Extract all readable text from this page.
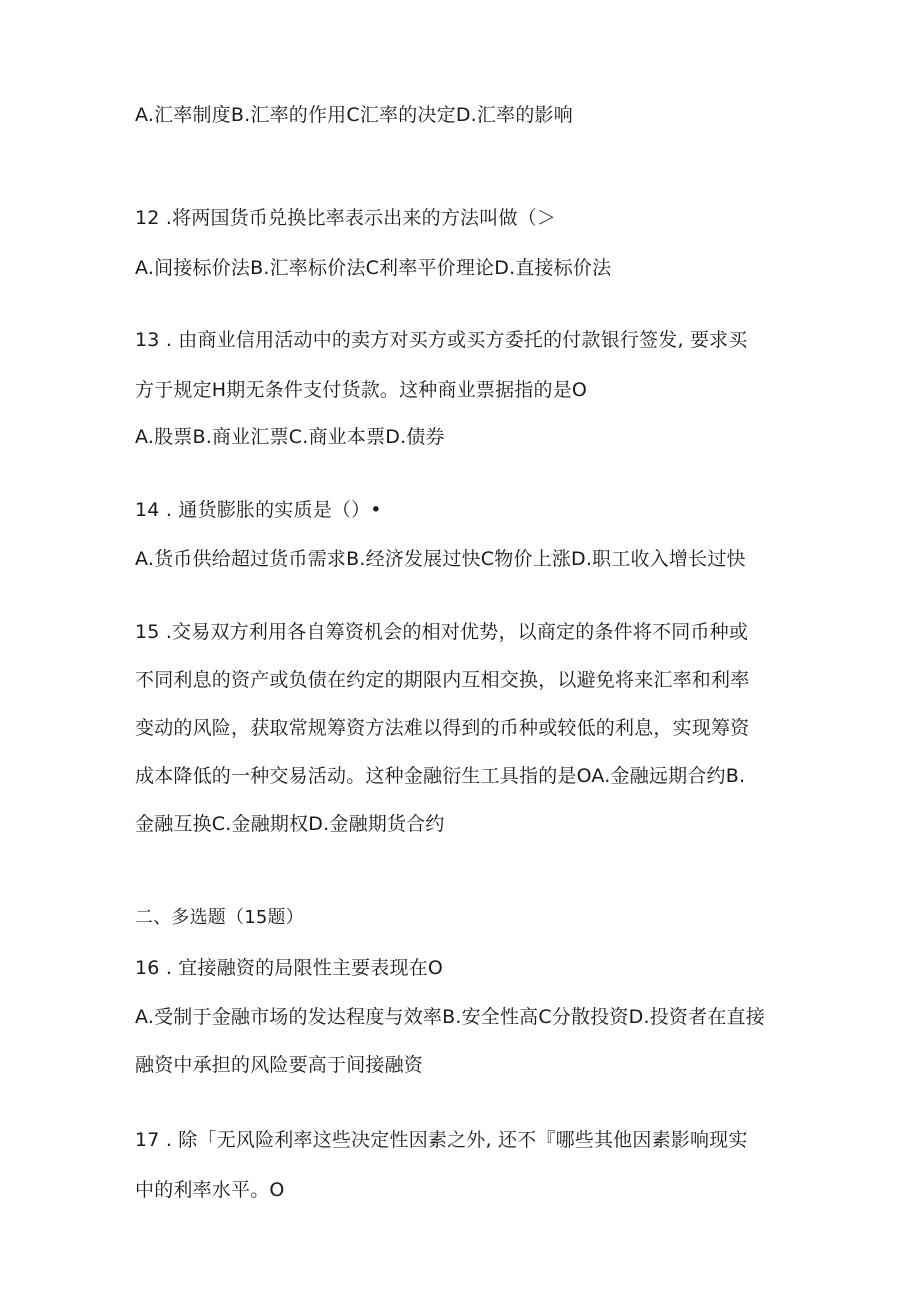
A.汇率制度B.汇率的作用C汇率的决定D.汇率的影响
12 .将两国货币兑换比率表示出来的方法叫做（＞
A.间接标价法B.汇率标价法C利率平价理论D.直接标价法
13 . 由商业信用活动中的卖方对买方或买方委托的付款银行签发, 要求买
方于规定H期无条件支付货款。这种商业票据指的是O
A.股票B.商业汇票C.商业本票D.债券
14 . 通货膨胀的实质是（）•
A.货币供给超过货币需求B.经济发展过快C物价上涨D.职工收入增长过快
15 .交易双方利用各自筹资机会的相对优势，以商定的条件将不同币种或
不同利息的资产或负债在约定的期限内互相交换，以避免将来汇率和利率
变动的风险，获取常规筹资方法难以得到的币种或较低的利息，实现筹资
成本降低的一种交易活动。这种金融衍生工具指的是OA.金融远期合约B.
金融互换C.金融期权D.金融期货合约
二、多选题（15题）
16 . 宜接融资的局限性主要表现在O
A.受制于金融市场的发达程度与效率B.安全性高C分散投资D.投资者在直接
融资中承担的风险要高于间接融资
17 . 除「无风险利率这些决定性因素之外, 还不『哪些其他因素影响现实
中的利率水平。O
